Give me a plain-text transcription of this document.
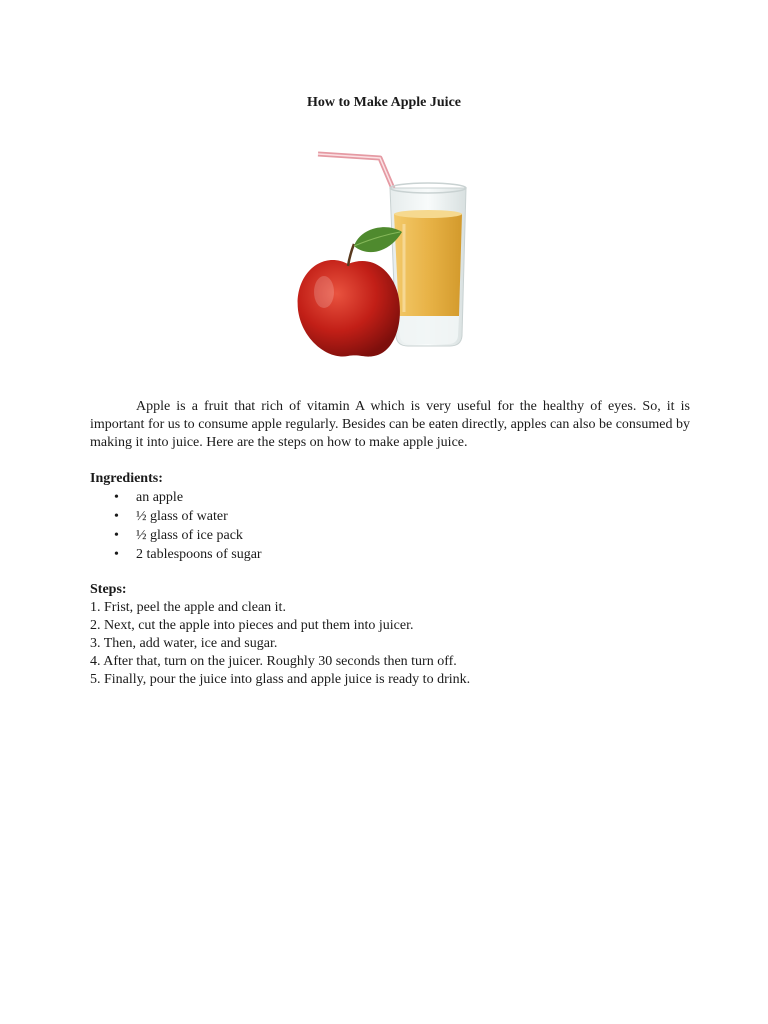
How to Make Apple Juice

Apple is a fruit that rich of vitamin A which is very useful for the healthy of eyes. So, it is important for us to consume apple regularly. Besides can be eaten directly, apples can also be consumed by making it into juice. Here are the steps on how to make apple juice.

Ingredients:
• an apple
• ½ glass of water
• ½ glass of ice pack
• 2 tablespoons of sugar
Steps:
1. Frist, peel the apple and clean it.
2. Next, cut the apple into pieces and put them into juicer.
3. Then, add water, ice and sugar.
4. After that, turn on the juicer. Roughly 30 seconds then turn off.
5. Finally, pour the juice into glass and apple juice is ready to drink.
